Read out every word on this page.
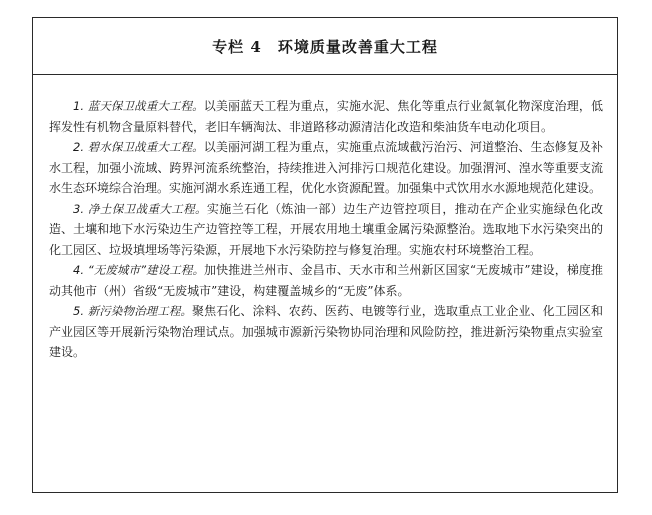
专栏 4　环境质量改善重大工程

1. 蓝天保卫战重大工程。以美丽蓝天工程为重点，实施水泥、焦化等重点行业氮氧化物深度治理，低挥发性有机物含量原料替代，老旧车辆淘汰、非道路移动源清洁化改造和柴油货车电动化项目。

2. 碧水保卫战重大工程。以美丽河湖工程为重点，实施重点流域截污治污、河道整治、生态修复及补水工程，加强小流域、跨界河流系统整治，持续推进入河排污口规范化建设。加强渭河、湟水等重要支流水生态环境综合治理。实施河湖水系连通工程，优化水资源配置。加强集中式饮用水水源地规范化建设。

3. 净土保卫战重大工程。实施兰石化（炼油一部）边生产边管控项目，推动在产企业实施绿色化改造、土壤和地下水污染边生产边管控等工程，开展农用地土壤重金属污染源整治。选取地下水污染突出的化工园区、垃圾填埋场等污染源，开展地下水污染防控与修复治理。实施农村环境整治工程。

4. “无废城市”建设工程。加快推进兰州市、金昌市、天水市和兰州新区国家“无废城市”建设，梯度推动其他市（州）省级“无废城市”建设，构建覆盖城乡的“无废”体系。

5. 新污染物治理工程。聚焦石化、涂料、农药、医药、电镀等行业，选取重点工业企业、化工园区和产业园区等开展新污染物治理试点。加强城市源新污染物协同治理和风险防控，推进新污染物重点实验室建设。
